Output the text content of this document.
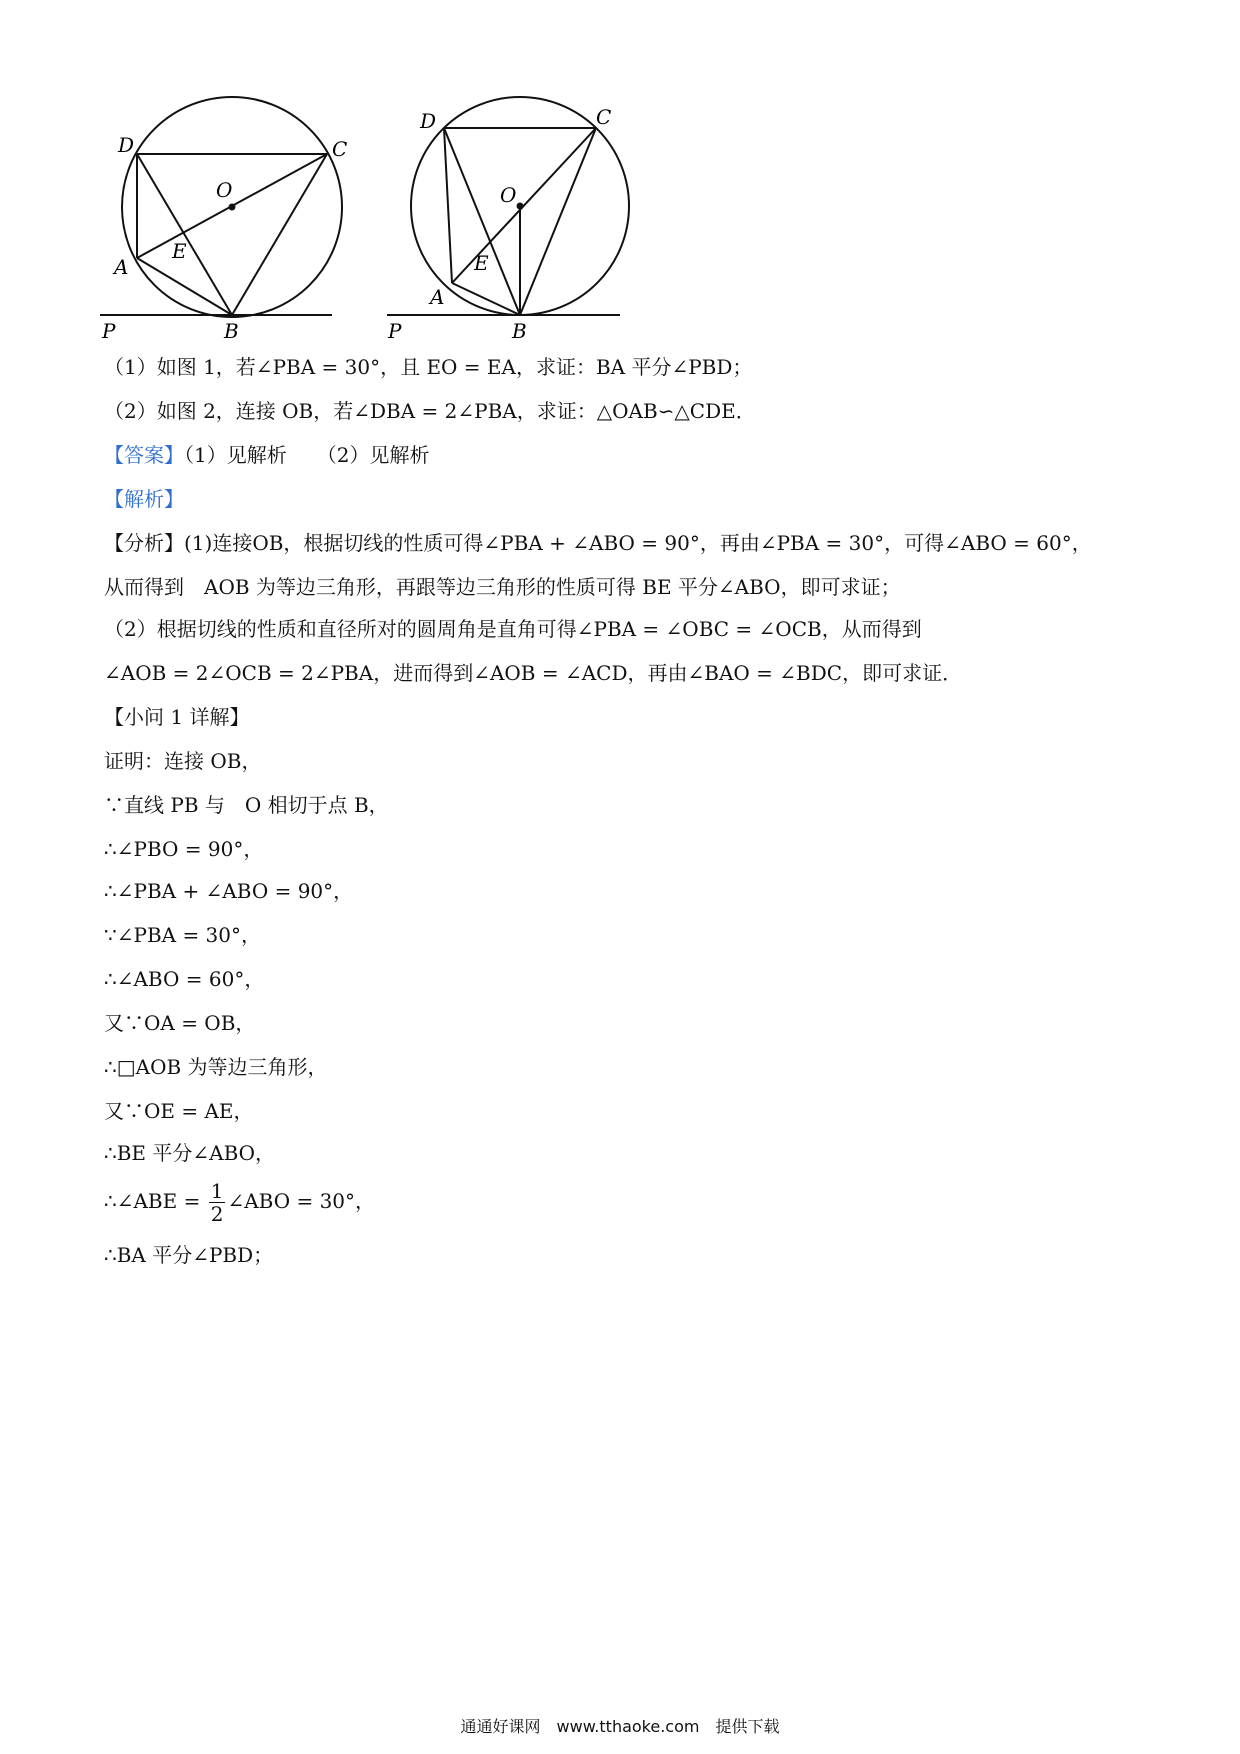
D	C
O
E
A
P	B
D	C
O
E
A
P	B
（1）如图 1，若∠PBA = 30°，且 EO = EA，求证：BA 平分∠PBD；
（2）如图 2，连接 OB，若∠DBA = 2∠PBA，求证：△OAB∽△CDE．
【答案】（1）见解析　　（2）见解析
【解析】
【分析】(1)连接OB，根据切线的性质可得∠PBA + ∠ABO = 90°，再由∠PBA = 30°，可得∠ABO = 60°，
从而得到　AOB 为等边三角形，再跟等边三角形的性质可得 BE 平分∠ABO，即可求证；
（2）根据切线的性质和直径所对的圆周角是直角可得∠PBA = ∠OBC = ∠OCB，从而得到
∠AOB = 2∠OCB = 2∠PBA，进而得到∠AOB = ∠ACD，再由∠BAO = ∠BDC，即可求证．
【小问 1 详解】
证明：连接 OB，
∵直线 PB 与　O 相切于点 B，
∴∠PBO = 90°，
∴∠PBA + ∠ABO = 90°，
∵∠PBA = 30°，
∴∠ABO = 60°，
又∵OA = OB，
∴□AOB 为等边三角形，
又∵OE = AE，
∴BE 平分∠ABO，
∴∠ABE = $\frac{1}{2}$ ∠ABO = 30°，
∴BA 平分∠PBD；
通通好课网　www.tthaoke.com　提供下载
